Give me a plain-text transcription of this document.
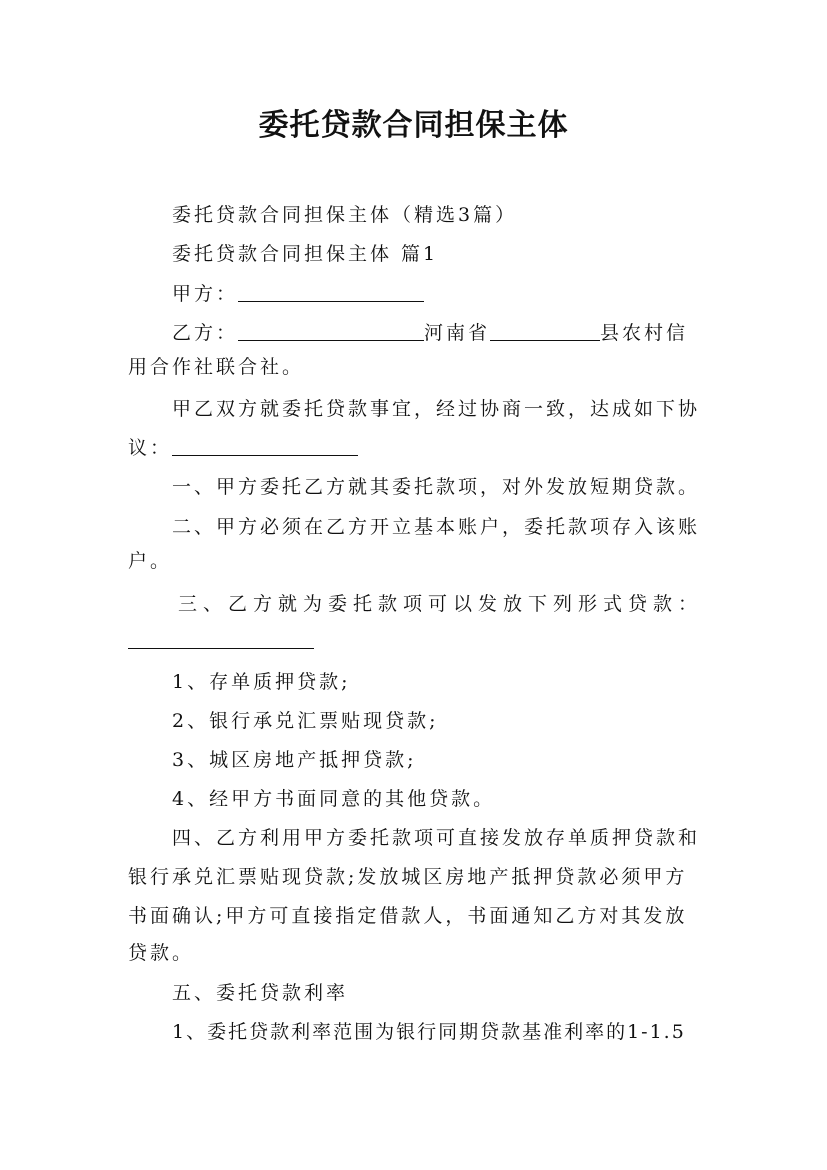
委托贷款合同担保主体
委托贷款合同担保主体（精选3篇）
委托贷款合同担保主体 篇1
甲方：
乙方：	河南省	县农村信
用合作社联合社。
甲乙双方就委托贷款事宜，经过协商一致，达成如下协
议：
一、甲方委托乙方就其委托款项，对外发放短期贷款。
二、甲方必须在乙方开立基本账户，委托款项存入该账
户。
三、乙方就为委托款项可以发放下列形式贷款：
1、存单质押贷款;
2、银行承兑汇票贴现贷款;
3、城区房地产抵押贷款;
4、经甲方书面同意的其他贷款。
四、乙方利用甲方委托款项可直接发放存单质押贷款和
银行承兑汇票贴现贷款;发放城区房地产抵押贷款必须甲方
书面确认;甲方可直接指定借款人，书面通知乙方对其发放
贷款。
五、委托贷款利率
1、委托贷款利率范围为银行同期贷款基准利率的1-1.5
